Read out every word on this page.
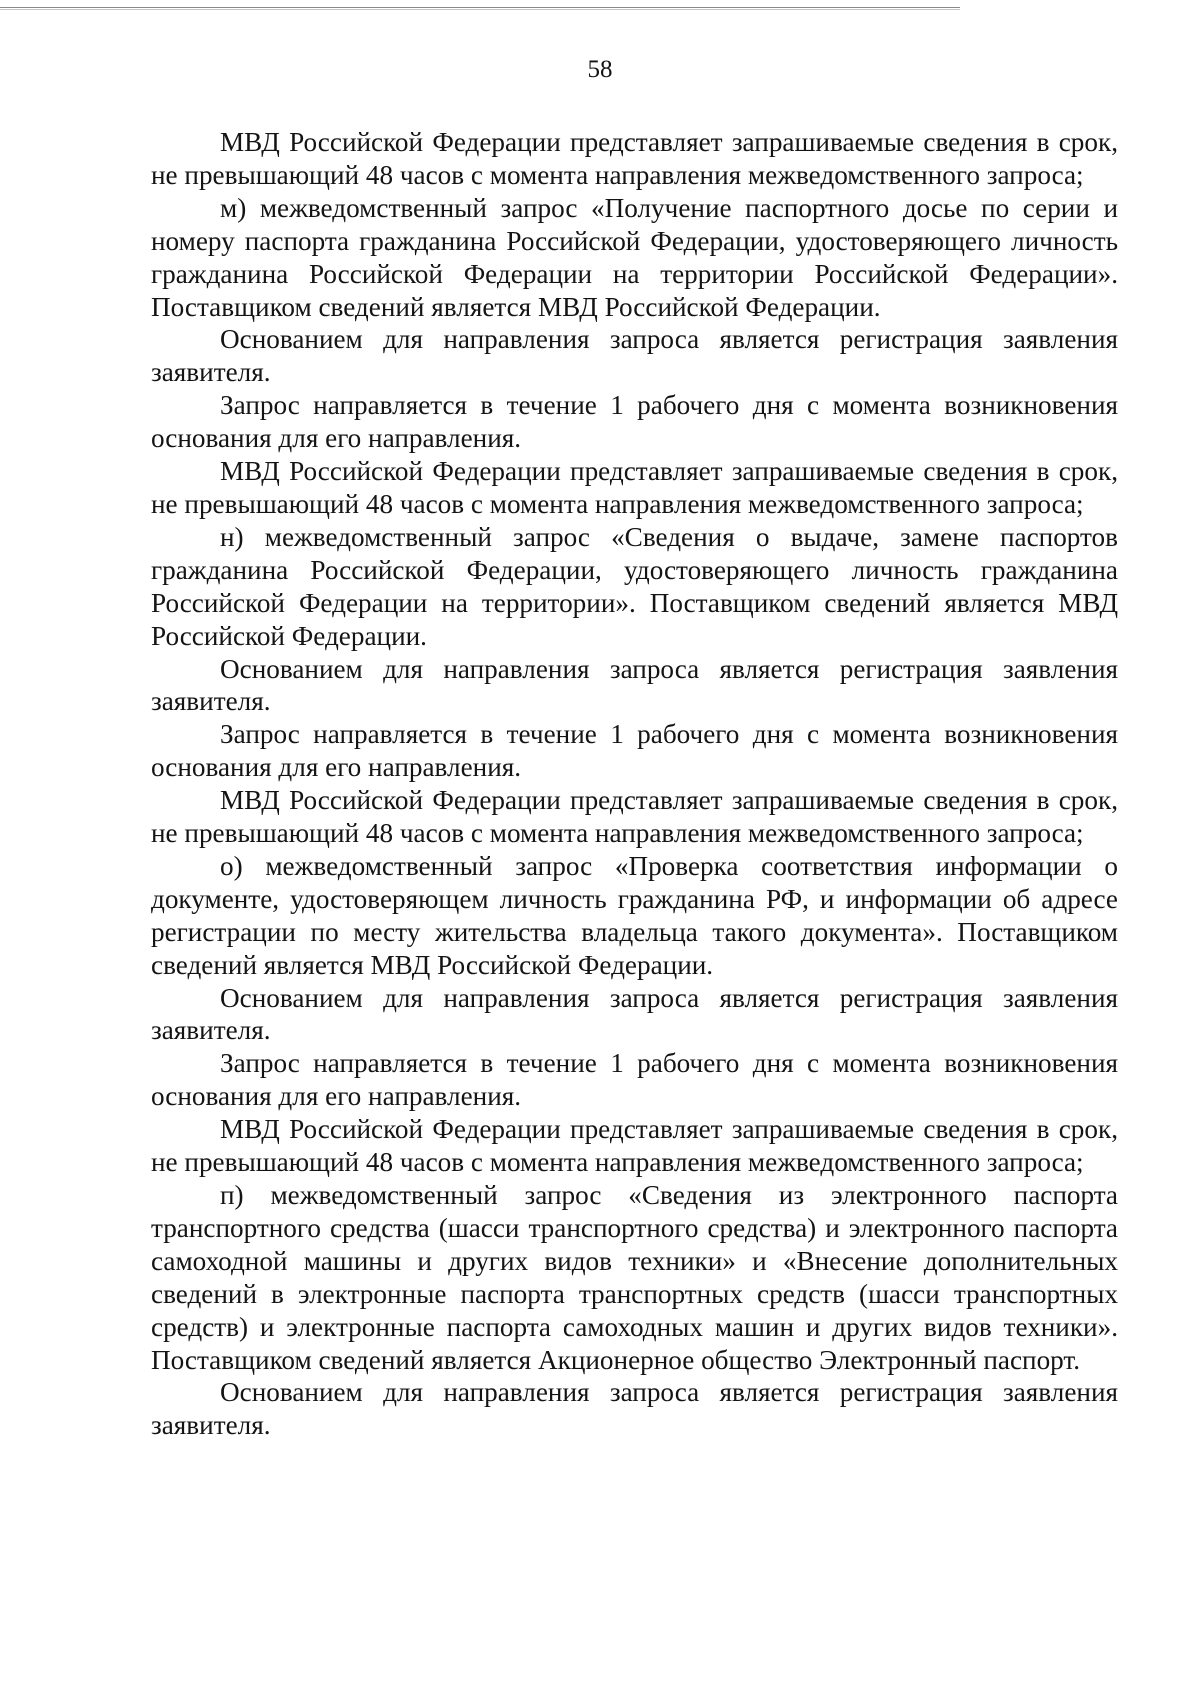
58

МВД Российской Федерации представляет запрашиваемые сведения в срок, не превышающий 48 часов с момента направления межведомственного запроса;

м) межведомственный запрос «Получение паспортного досье по серии и номеру паспорта гражданина Российской Федерации, удостоверяющего личность гражданина Российской Федерации на территории Российской Федерации». Поставщиком сведений является МВД Российской Федерации.

Основанием для направления запроса является регистрация заявления заявителя.

Запрос направляется в течение 1 рабочего дня с момента возникновения основания для его направления.

МВД Российской Федерации представляет запрашиваемые сведения в срок, не превышающий 48 часов с момента направления межведомственного запроса;

н) межведомственный запрос «Сведения о выдаче, замене паспортов гражданина Российской Федерации, удостоверяющего личность гражданина Российской Федерации на территории». Поставщиком сведений является МВД Российской Федерации.

Основанием для направления запроса является регистрация заявления заявителя.

Запрос направляется в течение 1 рабочего дня с момента возникновения основания для его направления.

МВД Российской Федерации представляет запрашиваемые сведения в срок, не превышающий 48 часов с момента направления межведомственного запроса;

о) межведомственный запрос «Проверка соответствия информации о документе, удостоверяющем личность гражданина РФ, и информации об адресе регистрации по месту жительства владельца такого документа». Поставщиком сведений является МВД Российской Федерации.

Основанием для направления запроса является регистрация заявления заявителя.

Запрос направляется в течение 1 рабочего дня с момента возникновения основания для его направления.

МВД Российской Федерации представляет запрашиваемые сведения в срок, не превышающий 48 часов с момента направления межведомственного запроса;

п) межведомственный запрос «Сведения из электронного паспорта транспортного средства (шасси транспортного средства) и электронного паспорта самоходной машины и других видов техники» и «Внесение дополнительных сведений в электронные паспорта транспортных средств (шасси транспортных средств) и электронные паспорта самоходных машин и других видов техники». Поставщиком сведений является Акционерное общество Электронный паспорт.

Основанием для направления запроса является регистрация заявления заявителя.
